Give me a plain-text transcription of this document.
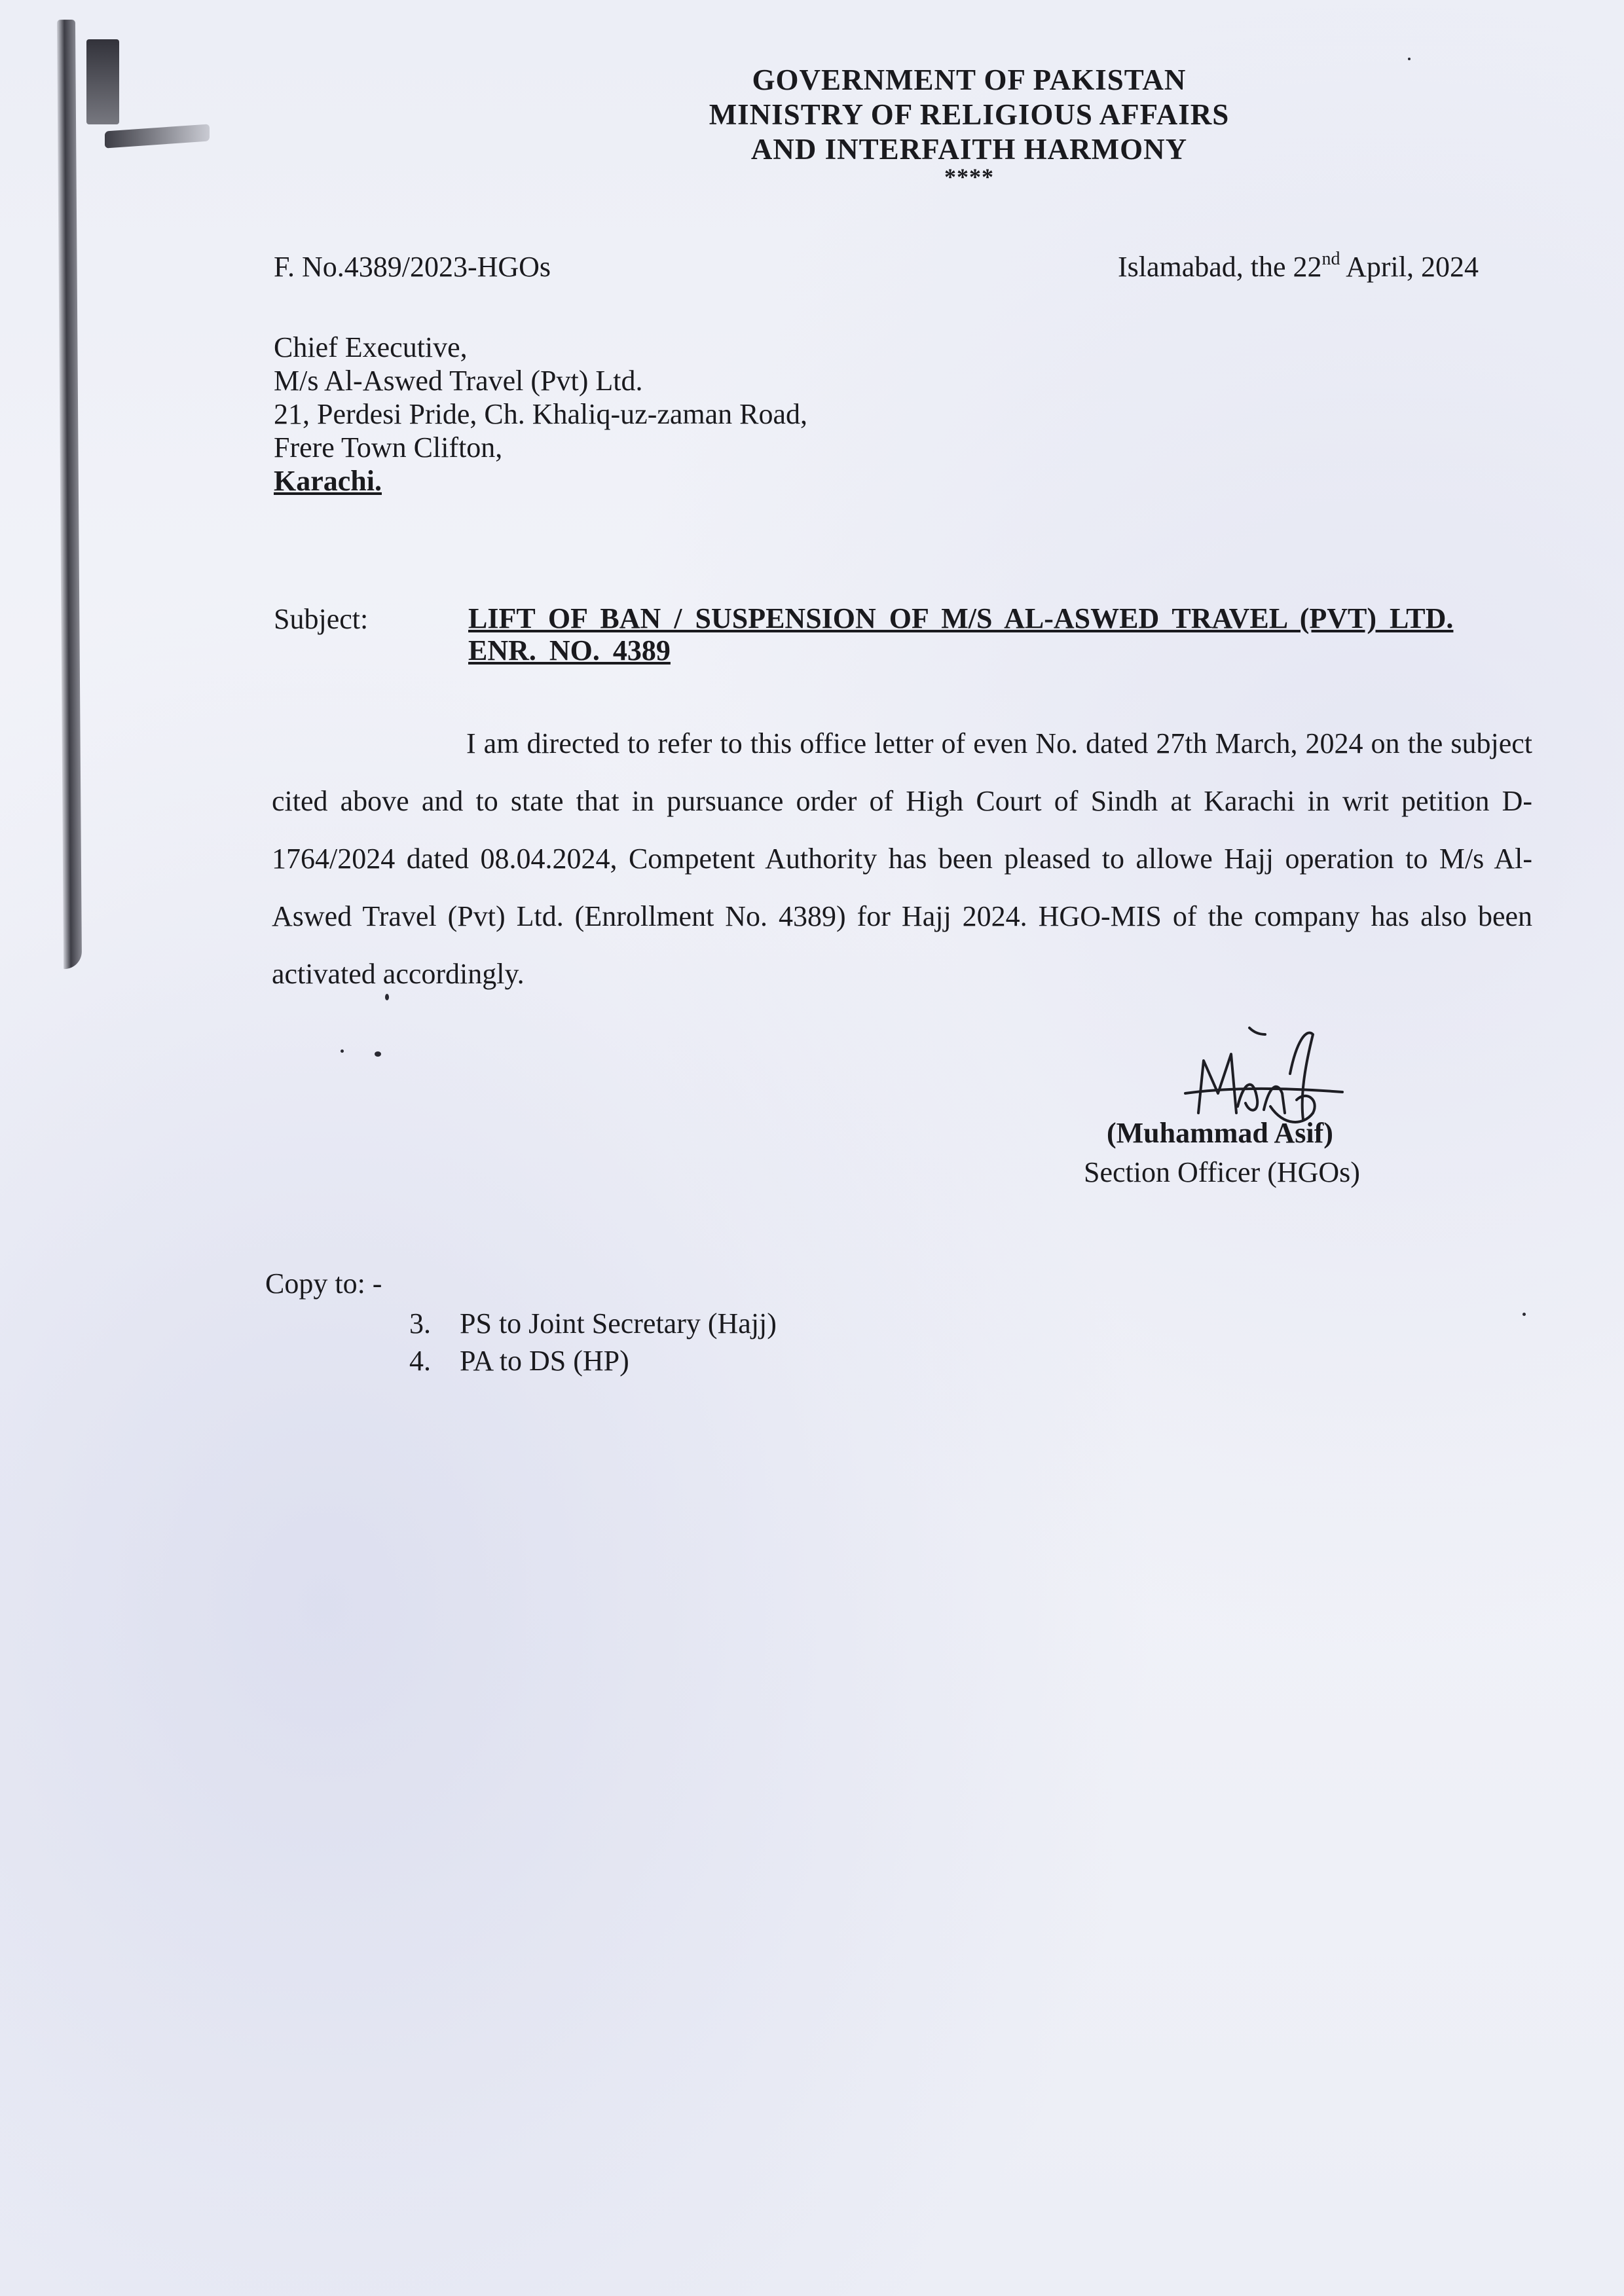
GOVERNMENT OF PAKISTAN
MINISTRY OF RELIGIOUS AFFAIRS
AND INTERFAITH HARMONY
****
F. No.4389/2023-HGOs	Islamabad, the 22nd April, 2024
Chief Executive,
M/s Al-Aswed Travel (Pvt) Ltd.
21, Perdesi Pride, Ch. Khaliq-uz-zaman Road,
Frere Town Clifton,
Karachi.
Subject:	LIFT OF BAN / SUSPENSION OF M/S AL-ASWED TRAVEL (PVT) LTD. ENR. NO. 4389
I am directed to refer to this office letter of even No. dated 27th March, 2024 on the subject cited above and to state that in pursuance order of High Court of Sindh at Karachi in writ petition D-1764/2024 dated 08.04.2024, Competent Authority has been pleased to allowe Hajj operation to M/s Al-Aswed Travel (Pvt) Ltd. (Enrollment No. 4389) for Hajj 2024. HGO-MIS of the company has also been activated accordingly.
(Muhammad Asif)
Section Officer (HGOs)
Copy to: -
3. PS to Joint Secretary (Hajj)
4. PA to DS (HP)
